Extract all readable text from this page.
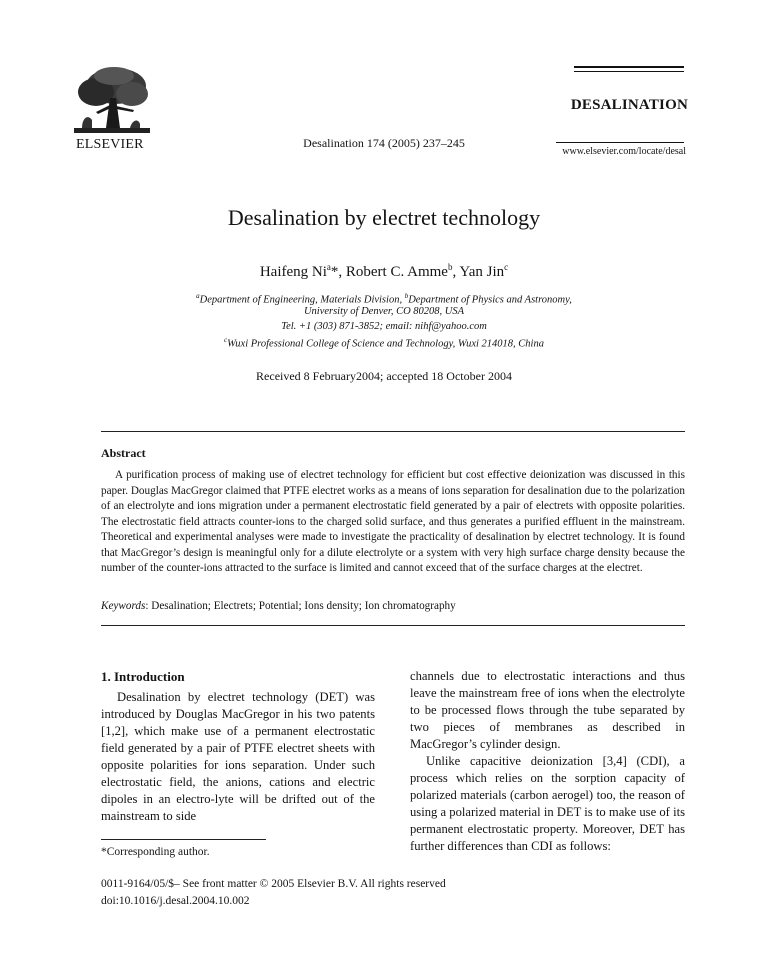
ELSEVIER	Desalination 174 (2005) 237–245
DESALINATION
www.elsevier.com/locate/desal
Desalination by electret technology
Haifeng Ni$^a$*, Robert C. Amme$^b$, Yan Jin$^c$
$^a$Department of Engineering, Materials Division, $^b$Department of Physics and Astronomy,
University of Denver, CO 80208, USA
Tel. +1 (303) 871-3852; email: nihf@yahoo.com
$^c$Wuxi Professional College of Science and Technology, Wuxi 214018, China
Received 8 February2004; accepted 18 October 2004
Abstract

A purification process of making use of electret technology for efficient but cost effective deionization was discussed in this paper. Douglas MacGregor claimed that PTFE electret works as a means of ions separation for desalination due to the polarization of an electrolyte and ions migration under a permanent electrostatic field generated by a pair of electrets with opposite polarities. The electrostatic field attracts counter-ions to the charged solid surface, and thus generates a purified effluent in the mainstream. Theoretical and experimental analyses were made to investigate the practicality of desalination by electret technology. It is found that MacGregor’s design is meaningful only for a dilute electrolyte or a system with very high surface charge density because the number of the counter-ions attracted to the surface is limited and cannot exceed that of the surface charges at the electret.

Keywords: Desalination; Electrets; Potential; Ions density; Ion chromatography
1. Introduction

Desalination by electret technology (DET) was introduced by Douglas MacGregor in his two patents [1,2], which make use of a permanent electrostatic field generated by a pair of PTFE electret sheets with opposite polarities for ions separation. Under such electrostatic field, the anions, cations and electric dipoles in an electro-lyte will be drifted out of the mainstream to side

channels due to electrostatic interactions and thus leave the mainstream free of ions when the electrolyte to be processed flows through the tube separated by two pieces of membranes as described in MacGregor’s cylinder design.

Unlike capacitive deionization [3,4] (CDI), a process which relies on the sorption capacity of polarized materials (carbon aerogel) too, the reason of using a polarized material in DET is to make use of its permanent electrostatic property. Moreover, DET has further differences than CDI as follows:

*Corresponding author.
0011-9164/05/$– See front matter © 2005 Elsevier B.V. All rights reserved
doi:10.1016/j.desal.2004.10.002
